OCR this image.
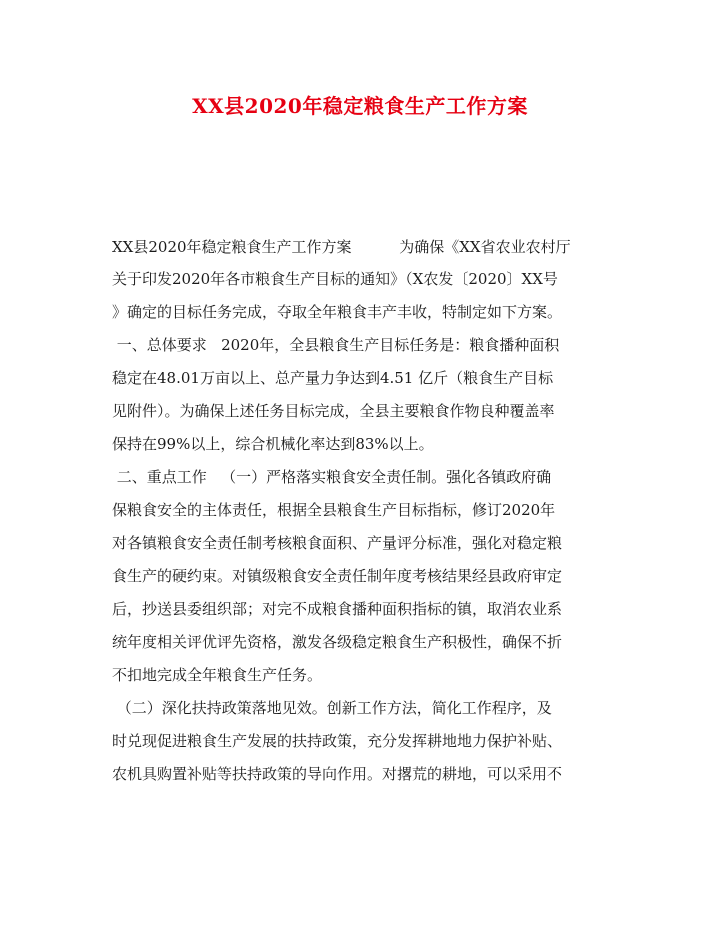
XX县2020年稳定粮食生产工作方案
XX县2020年稳定粮食生产工作方案          为确保《XX省农业农村厅
关于印发2020年各市粮食生产目标的通知》（X农发〔2020〕XX号
》确定的目标任务完成，夺取全年粮食丰产丰收，特制定如下方案。
一、总体要求   2020年，全县粮食生产目标任务是：粮食播种面积
稳定在48.01万亩以上、总产量力争达到4.51 亿斤（粮食生产目标
见附件）。为确保上述任务目标完成，全县主要粮食作物良种覆盖率
保持在99%以上，综合机械化率达到83%以上。
二、重点工作   （一）严格落实粮食安全责任制。强化各镇政府确
保粮食安全的主体责任，根据全县粮食生产目标指标，修订2020年
对各镇粮食安全责任制考核粮食面积、产量评分标准，强化对稳定粮
食生产的硬约束。对镇级粮食安全责任制年度考核结果经县政府审定
后，抄送县委组织部；对完不成粮食播种面积指标的镇，取消农业系
统年度相关评优评先资格，激发各级稳定粮食生产积极性，确保不折
不扣地完成全年粮食生产任务。
（二）深化扶持政策落地见效。创新工作方法，简化工作程序，及
时兑现促进粮食生产发展的扶持政策，充分发挥耕地地力保护补贴、
农机具购置补贴等扶持政策的导向作用。对撂荒的耕地，可以采用不
